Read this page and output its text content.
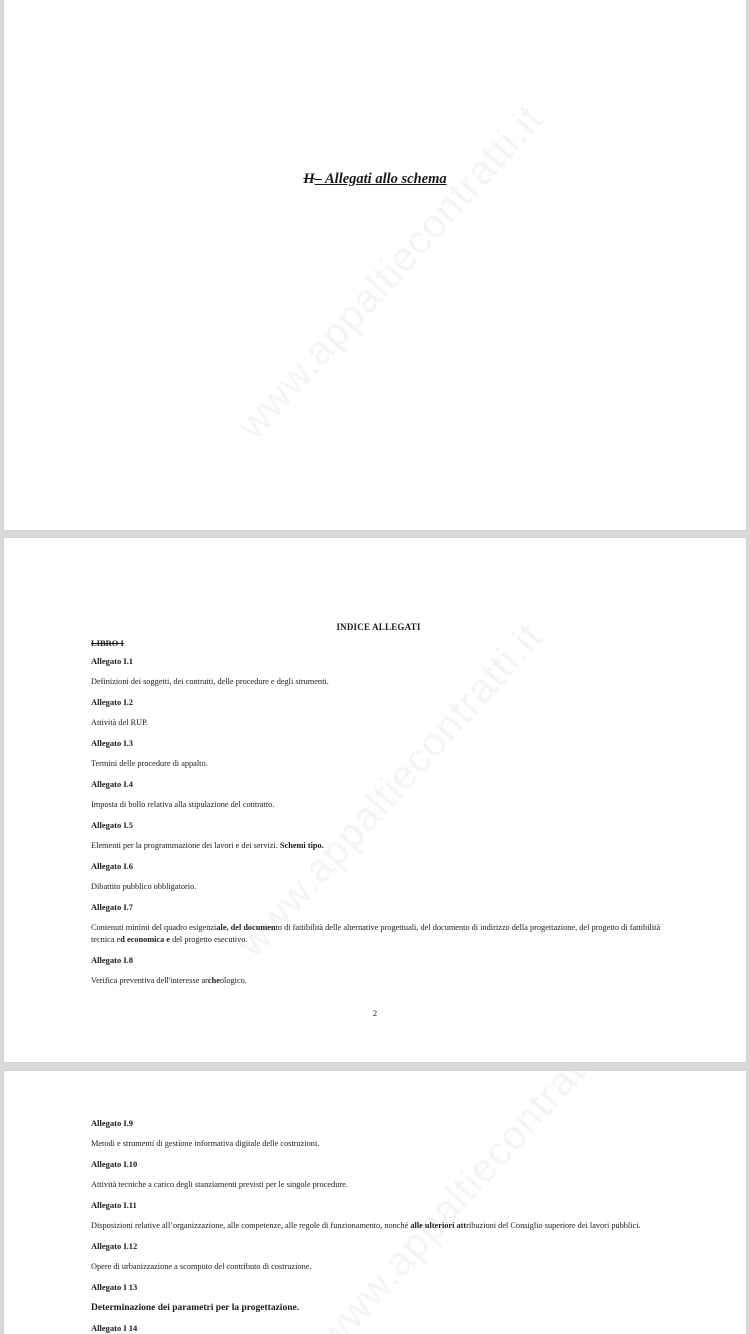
II– Allegati allo schema
INDICE ALLEGATI
LIBRO I
Allegato I.1
Definizioni dei soggetti, dei contratti, delle procedure e degli strumenti.
Allegato I.2
Attività del RUP.
Allegato I.3
Termini delle procedure di appalto.
Allegato I.4
Imposta di bollo relativa alla stipulazione del contratto.
Allegato I.5
Elementi per la programmazione dei lavori e dei servizi. Schemi tipo.
Allegato I.6
Dibattito pubblico obbligatorio.
Allegato I.7
Contenuti minimi del quadro esigenziale, del documento di fattibilità delle alternative progettuali, del documento di indirizzo della progettazione, del progetto di fattibilità tecnica ed economica e del progetto esecutivo.
Allegato I.8
Verifica preventiva dell'interesse archeologico.
2
Allegato I.9
Metodi e strumenti di gestione informativa digitale delle costruzioni.
Allegato I.10
Attività tecniche a carico degli stanziamenti previsti per le singole procedure.
Allegato I.11
Disposizioni relative all’organizzazione, alle competenze, alle regole di funzionamento, nonché alle ulteriori attribuzioni del Consiglio superiore dei lavori pubblici.
Allegato I.12
Opere di urbanizzazione a scomputo del contributo di costruzione.
Allegato I 13
Determinazione dei parametri per la progettazione.
Allegato I 14
